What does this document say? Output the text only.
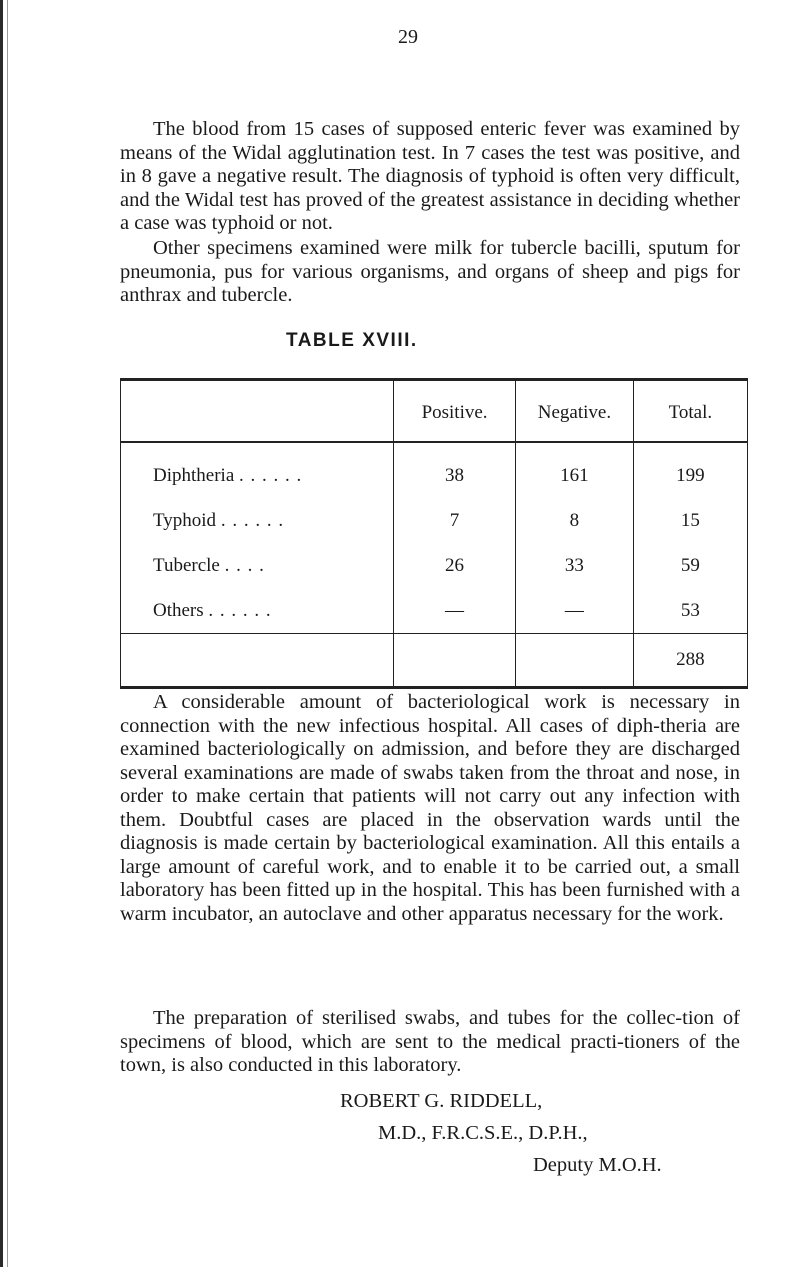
29

The blood from 15 cases of supposed enteric fever was examined by means of the Widal agglutination test. In 7 cases the test was positive, and in 8 gave a negative result. The diagnosis of typhoid is often very difficult, and the Widal test has proved of the greatest assistance in deciding whether a case was typhoid or not.

Other specimens examined were milk for tubercle bacilli, sputum for pneumonia, pus for various organisms, and organs of sheep and pigs for anthrax and tubercle.

TABLE XVIII.
	Positive.	Negative.	Total.
Diphtheria . . . . . .	38	161	199
Typhoid . . . . . .	7	8	15
Tubercle . . . .	26	33	59
Others . . . . . .	—	—	53
			288

A considerable amount of bacteriological work is necessary in connection with the new infectious hospital. All cases of diph-theria are examined bacteriologically on admission, and before they are discharged several examinations are made of swabs taken from the throat and nose, in order to make certain that patients will not carry out any infection with them. Doubtful cases are placed in the observation wards until the diagnosis is made certain by bacteriological examination. All this entails a large amount of careful work, and to enable it to be carried out, a small laboratory has been fitted up in the hospital. This has been furnished with a warm incubator, an autoclave and other apparatus necessary for the work.

The preparation of sterilised swabs, and tubes for the collec-tion of specimens of blood, which are sent to the medical practi-tioners of the town, is also conducted in this laboratory.

ROBERT G. RIDDELL,
M.D., F.R.C.S.E., D.P.H.,
Deputy M.O.H.
